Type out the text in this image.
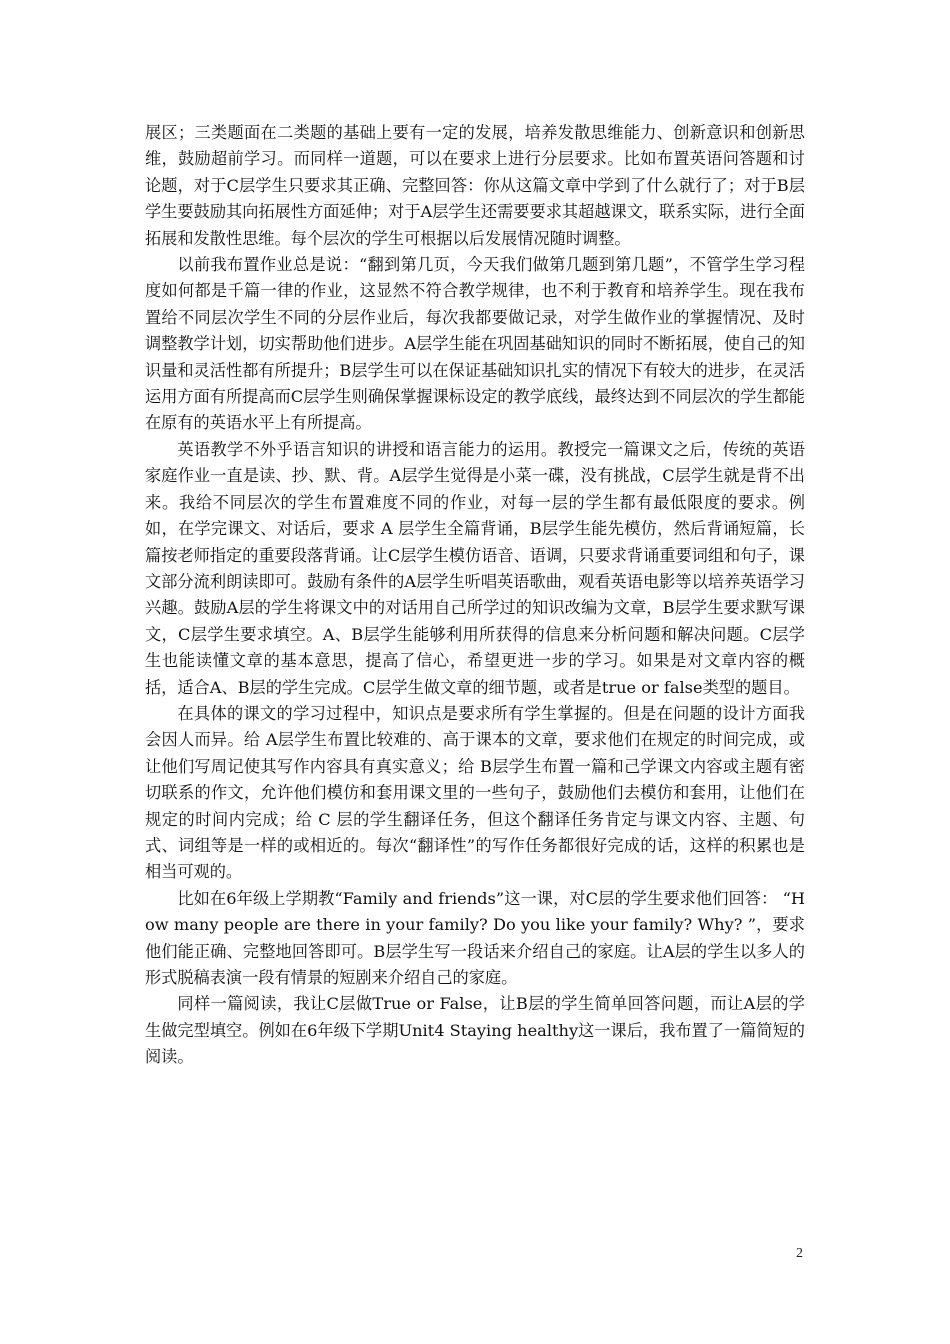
展区；三类题面在二类题的基础上要有一定的发展，培养发散思维能力、创新意识和创新思维，鼓励超前学习。而同样一道题，可以在要求上进行分层要求。比如布置英语问答题和讨论题，对于C层学生只要求其正确、完整回答：你从这篇文章中学到了什么就行了；对于B层学生要鼓励其向拓展性方面延伸；对于A层学生还需要要求其超越课文，联系实际，进行全面拓展和发散性思维。每个层次的学生可根据以后发展情况随时调整。

以前我布置作业总是说：“翻到第几页，今天我们做第几题到第几题”，不管学生学习程度如何都是千篇一律的作业，这显然不符合教学规律，也不利于教育和培养学生。现在我布置给不同层次学生不同的分层作业后，每次我都要做记录，对学生做作业的掌握情况、及时调整教学计划，切实帮助他们进步。A层学生能在巩固基础知识的同时不断拓展，使自己的知识量和灵活性都有所提升；B层学生可以在保证基础知识扎实的情况下有较大的进步，在灵活运用方面有所提高而C层学生则确保掌握课标设定的教学底线，最终达到不同层次的学生都能在原有的英语水平上有所提高。

英语教学不外乎语言知识的讲授和语言能力的运用。教授完一篇课文之后，传统的英语家庭作业一直是读、抄、默、背。A层学生觉得是小菜一碟，没有挑战，C层学生就是背不出来。我给不同层次的学生布置难度不同的作业，对每一层的学生都有最低限度的要求。例如，在学完课文、对话后，要求 A 层学生全篇背诵，B层学生能先模仿，然后背诵短篇，长篇按老师指定的重要段落背诵。让C层学生模仿语音、语调，只要求背诵重要词组和句子，课文部分流利朗读即可。鼓励有条件的A层学生听唱英语歌曲，观看英语电影等以培养英语学习兴趣。鼓励A层的学生将课文中的对话用自己所学过的知识改编为文章，B层学生要求默写课文，C层学生要求填空。A、B层学生能够利用所获得的信息来分析问题和解决问题。C层学生也能读懂文章的基本意思，提高了信心，希望更进一步的学习。如果是对文章内容的概括，适合A、B层的学生完成。C层学生做文章的细节题，或者是true or false类型的题目。

在具体的课文的学习过程中，知识点是要求所有学生掌握的。但是在问题的设计方面我会因人而异。给 A层学生布置比较难的、高于课本的文章，要求他们在规定的时间完成，或让他们写周记使其写作内容具有真实意义；给 B层学生布置一篇和己学课文内容或主题有密切联系的作文，允许他们模仿和套用课文里的一些句子，鼓励他们去模仿和套用，让他们在规定的时间内完成；给 C 层的学生翻译任务，但这个翻译任务肯定与课文内容、主题、句式、词组等是一样的或相近的。每次“翻译性”的写作任务都很好完成的话，这样的积累也是相当可观的。

比如在6年级上学期教“Family and friends”这一课，对C层的学生要求他们回答： “How many people are there in your family? Do you like your family? Why? ”，要求他们能正确、完整地回答即可。B层学生写一段话来介绍自己的家庭。让A层的学生以多人的形式脱稿表演一段有情景的短剧来介绍自己的家庭。

同样一篇阅读，我让C层做True or False，让B层的学生简单回答问题，而让A层的学生做完型填空。例如在6年级下学期Unit4 Staying healthy这一课后，我布置了一篇简短的阅读。

2
